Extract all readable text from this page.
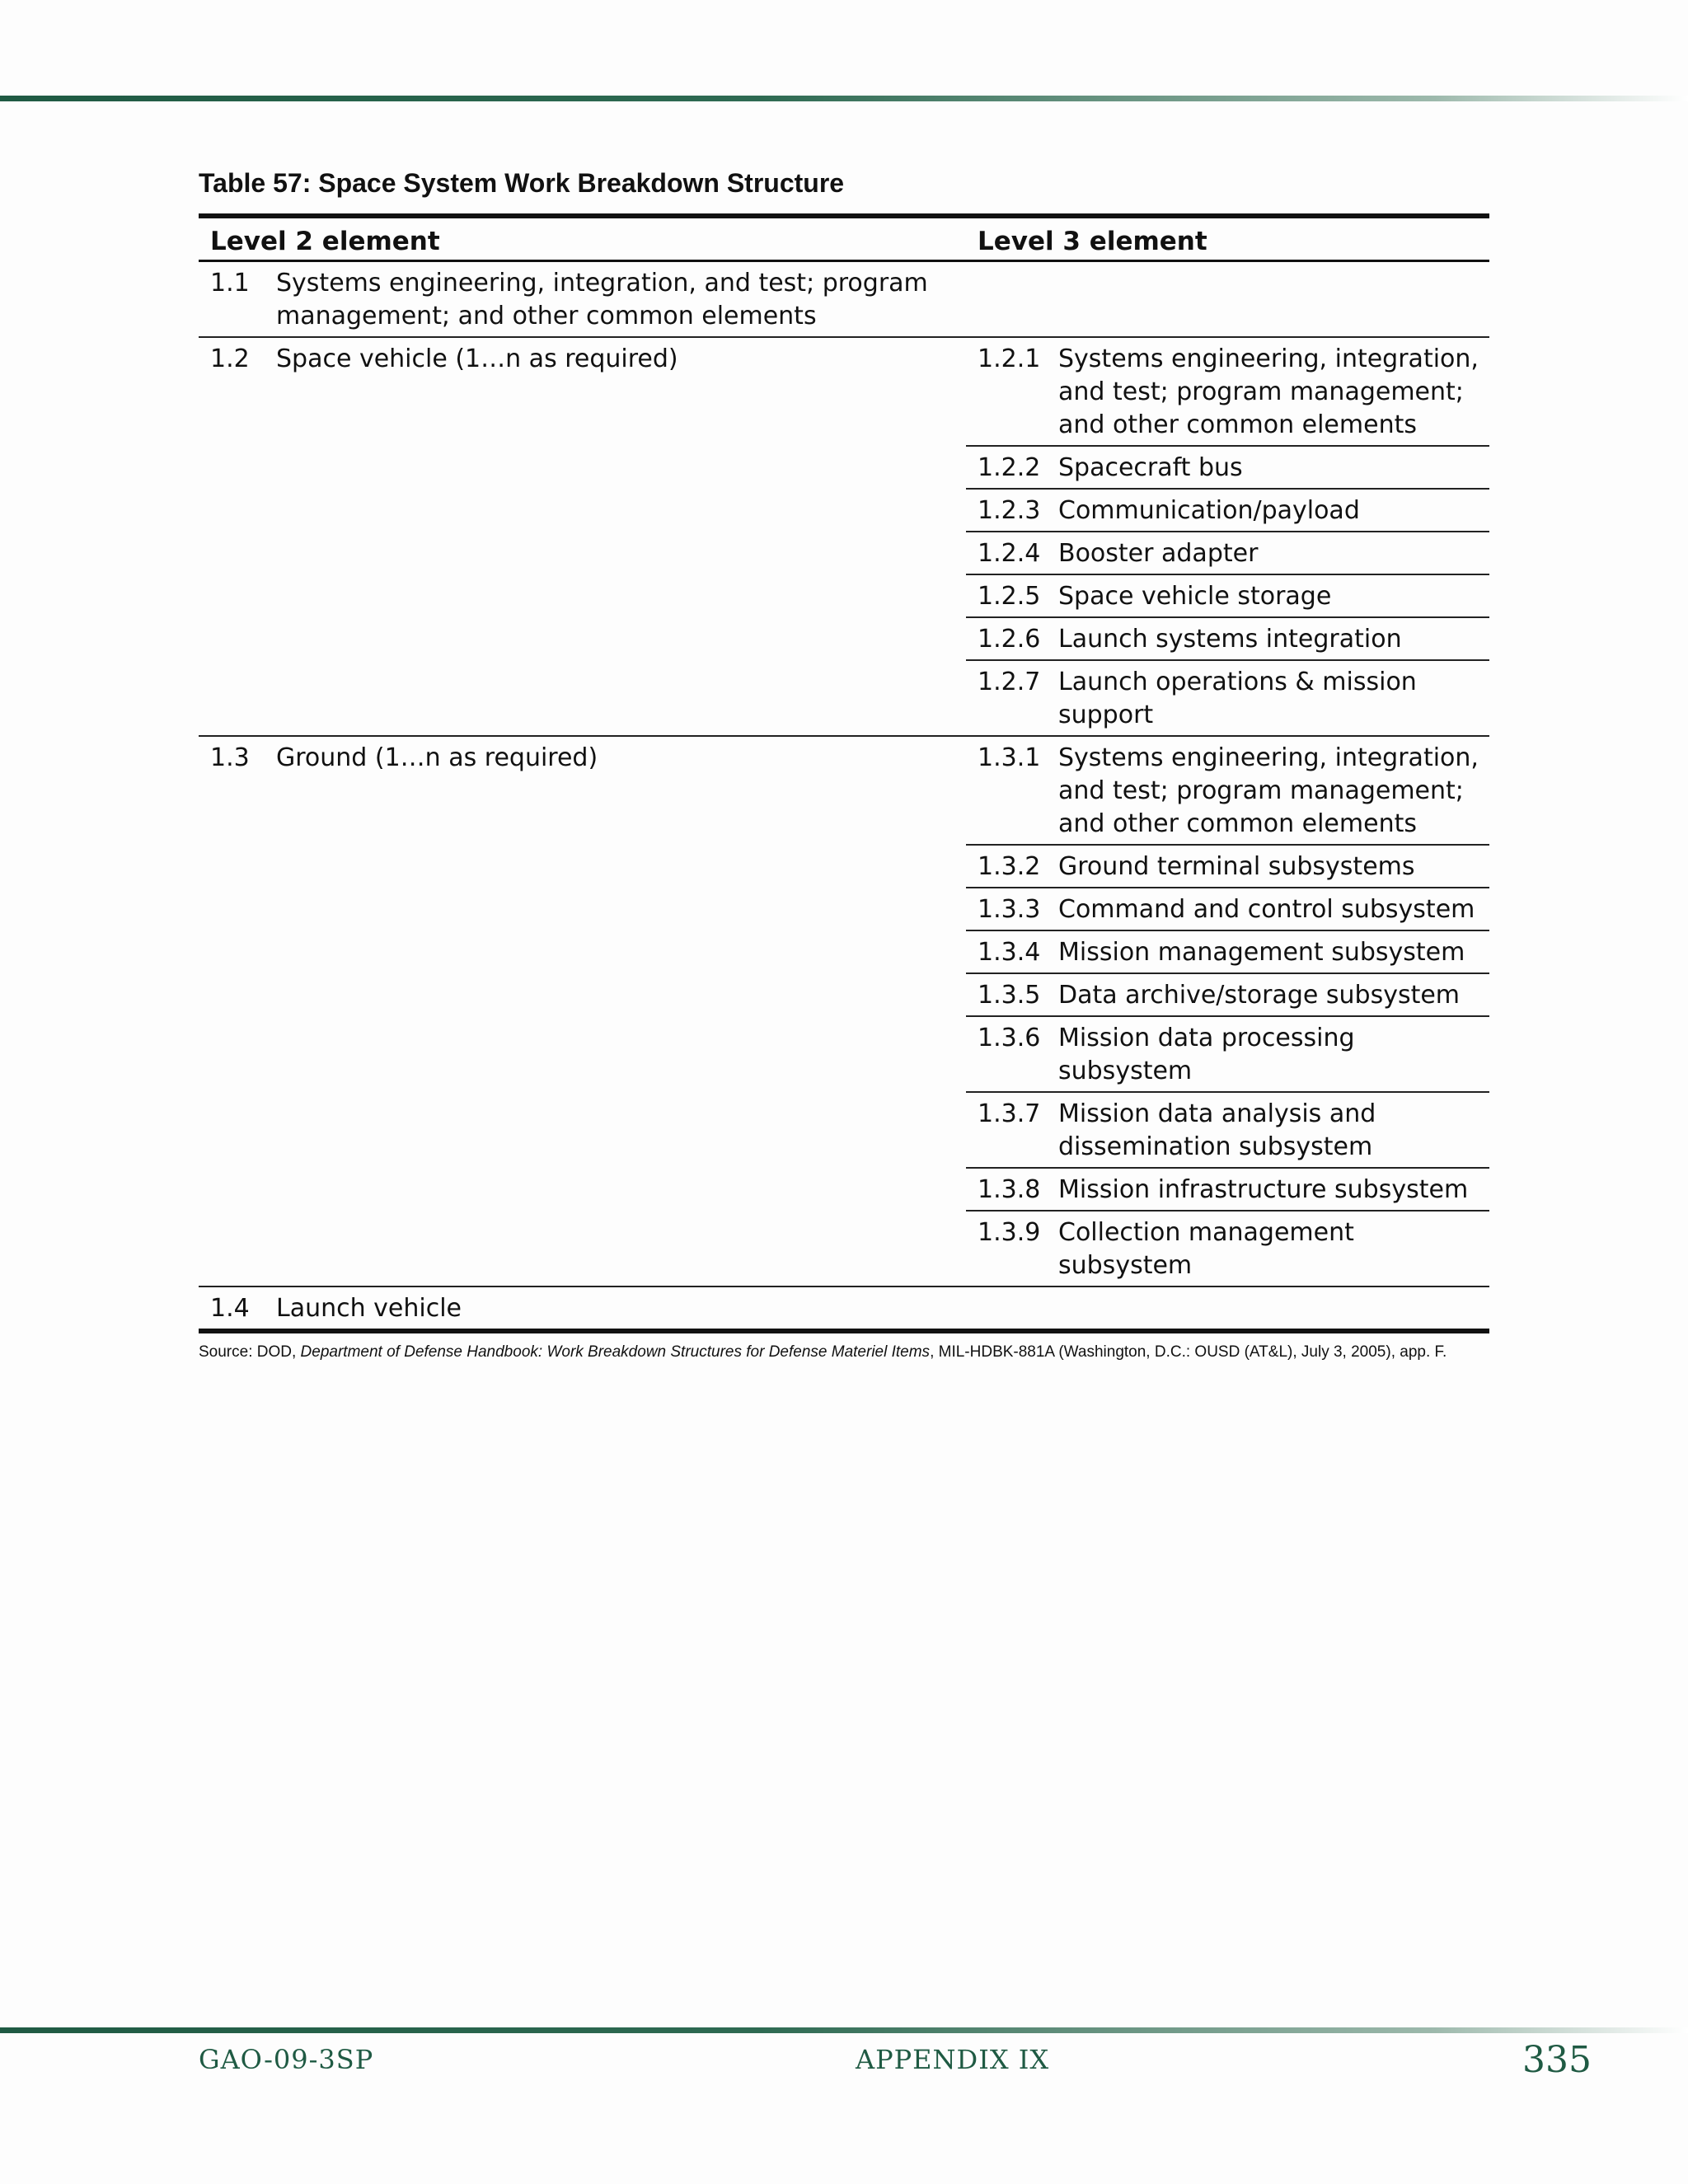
Table 57: Space System Work Breakdown Structure
Level 2 element		Level 3 element	
1.1	Systems engineering, integration, and test; program management; and other common elements		
1.2	Space vehicle (1…n as required)	1.2.1	Systems engineering, integration, and test; program management; and other common elements
		1.2.2	Spacecraft bus
		1.2.3	Communication/payload
		1.2.4	Booster adapter
		1.2.5	Space vehicle storage
		1.2.6	Launch systems integration
		1.2.7	Launch operations & mission support
1.3	Ground (1…n as required)	1.3.1	Systems engineering, integration, and test; program management; and other common elements
		1.3.2	Ground terminal subsystems
		1.3.3	Command and control subsystem
		1.3.4	Mission management subsystem
		1.3.5	Data archive/storage subsystem
		1.3.6	Mission data processing subsystem
		1.3.7	Mission data analysis and dissemination subsystem
		1.3.8	Mission infrastructure subsystem
		1.3.9	Collection management subsystem
1.4	Launch vehicle		
Source: DOD, Department of Defense Handbook: Work Breakdown Structures for Defense Materiel Items, MIL-HDBK-881A (Washington, D.C.: OUSD (AT&L), July 3, 2005), app. F.
GAO-09-3SP	APPENDIX IX	335
